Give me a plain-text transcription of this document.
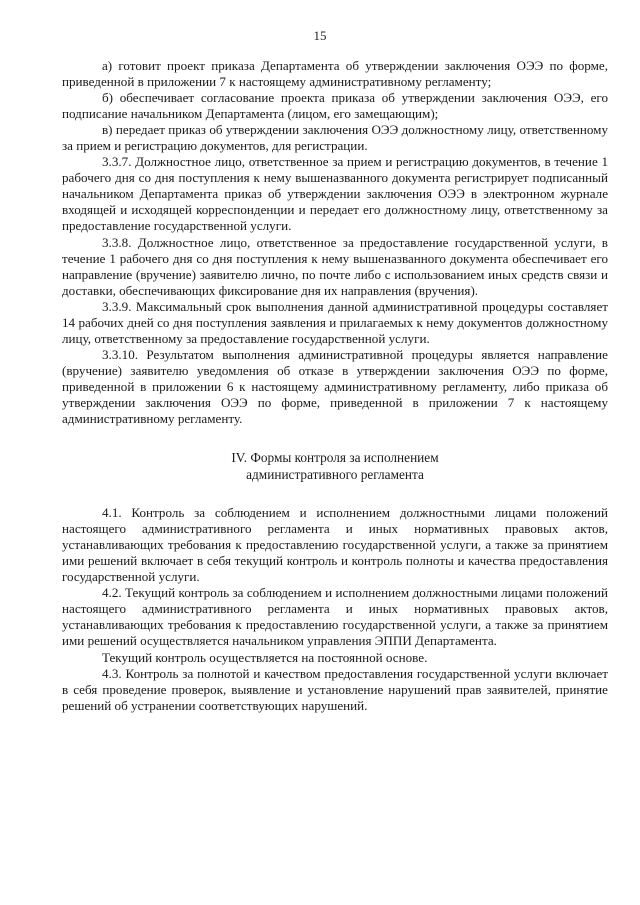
15

а) готовит проект приказа Департамента об утверждении заключения ОЭЭ по форме, приведенной в приложении 7 к настоящему административному регламенту;

б) обеспечивает согласование проекта приказа об утверждении заключения ОЭЭ, его подписание начальником Департамента (лицом, его замещающим);

в) передает приказ об утверждении заключения ОЭЭ должностному лицу, ответственному за прием и регистрацию документов, для регистрации.

3.3.7. Должностное лицо, ответственное за прием и регистрацию документов, в течение 1 рабочего дня со дня поступления к нему вышеназванного документа регистрирует подписанный начальником Департамента приказ об утверждении заключения ОЭЭ в электронном журнале входящей и исходящей корреспонденции и передает его должностному лицу, ответственному за предоставление государственной услуги.

3.3.8. Должностное лицо, ответственное за предоставление государственной услуги, в течение 1 рабочего дня со дня поступления к нему вышеназванного документа обеспечивает его направление (вручение) заявителю лично, по почте либо с использованием иных средств связи и доставки, обеспечивающих фиксирование дня их направления (вручения).

3.3.9. Максимальный срок выполнения данной административной процедуры составляет 14 рабочих дней со дня поступления заявления и прилагаемых к нему документов должностному лицу, ответственному за предоставление государственной услуги.

3.3.10. Результатом выполнения административной процедуры является направление (вручение) заявителю уведомления об отказе в утверждении заключения ОЭЭ по форме, приведенной в приложении 6 к настоящему административному регламенту, либо приказа об утверждении заключения ОЭЭ по форме, приведенной в приложении 7 к настоящему административному регламенту.

IV. Формы контроля за исполнением
административного регламента

4.1. Контроль за соблюдением и исполнением должностными лицами положений настоящего административного регламента и иных нормативных правовых актов, устанавливающих требования к предоставлению государственной услуги, а также за принятием ими решений включает в себя текущий контроль и контроль полноты и качества предоставления государственной услуги.

4.2. Текущий контроль за соблюдением и исполнением должностными лицами положений настоящего административного регламента и иных нормативных правовых актов, устанавливающих требования к предоставлению государственной услуги, а также за принятием ими решений осуществляется начальником управления ЭППИ Департамента.

Текущий контроль осуществляется на постоянной основе.

4.3. Контроль за полнотой и качеством предоставления государственной услуги включает в себя проведение проверок, выявление и установление нарушений прав заявителей, принятие решений об устранении соответствующих нарушений.
